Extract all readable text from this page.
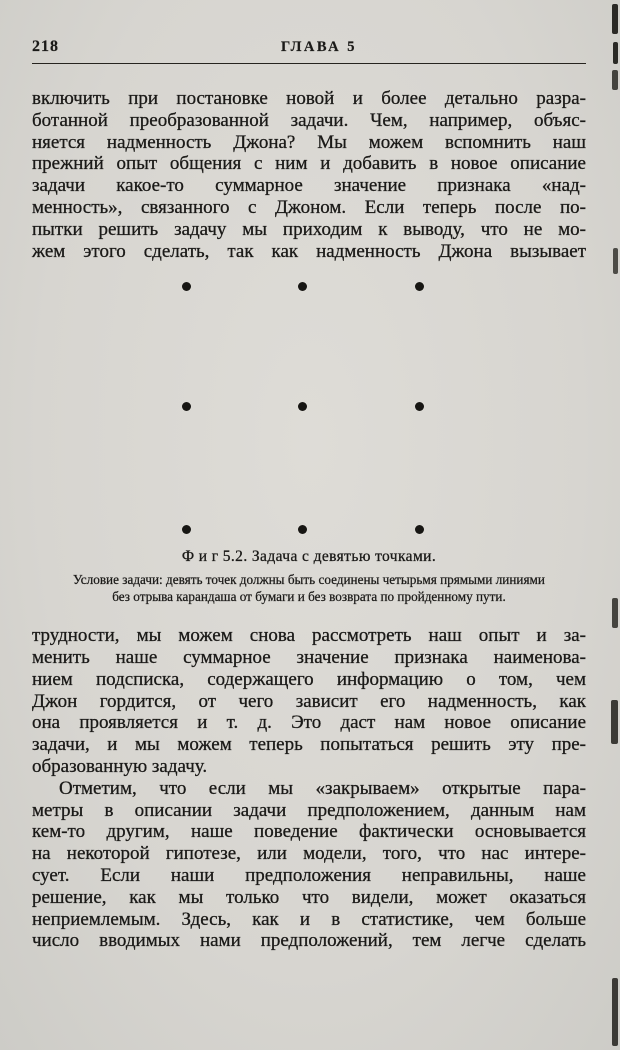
218	ГЛАВА 5
включить при постановке новой и более детально разра-
ботанной преобразованной задачи. Чем, например, объяс-
няется надменность Джона? Мы можем вспомнить наш
прежний опыт общения с ним и добавить в новое описание
задачи какое-то суммарное значение признака «над-
менность», связанного с Джоном. Если теперь после по-
пытки решить задачу мы приходим к выводу, что не мо-
жем этого сделать, так как надменность Джона вызывает
Ф и г 5.2. Задача с девятью точками.
Условие задачи: девять точек должны быть соединены четырьмя прямыми линиями
без отрыва карандаша от бумаги и без возврата по пройденному пути.
трудности, мы можем снова рассмотреть наш опыт и за-
менить наше суммарное значение признака наименова-
нием подсписка, содержащего информацию о том, чем
Джон гордится, от чего зависит его надменность, как
она проявляется и т. д. Это даст нам новое описание
задачи, и мы можем теперь попытаться решить эту пре-
образованную задачу.
Отметим, что если мы «закрываем» открытые пара-
метры в описании задачи предположением, данным нам
кем-то другим, наше поведение фактически основывается
на некоторой гипотезе, или модели, того, что нас интере-
сует. Если наши предположения неправильны, наше
решение, как мы только что видели, может оказаться
неприемлемым. Здесь, как и в статистике, чем больше
число вводимых нами предположений, тем легче сделать
